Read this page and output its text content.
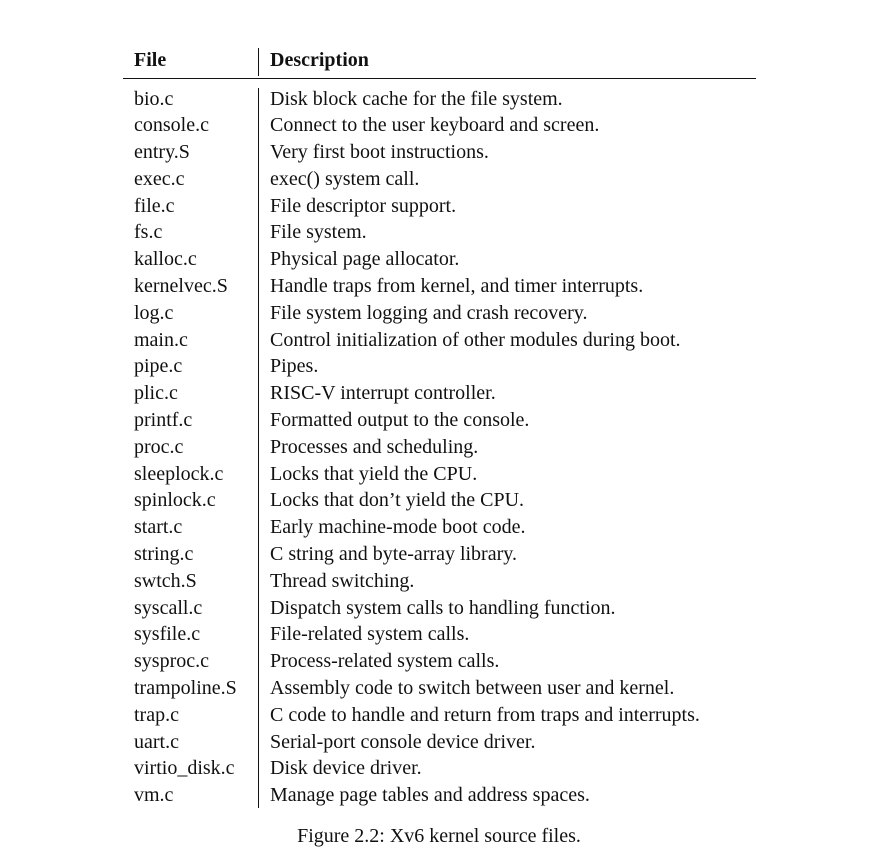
File	Description
bio.c	Disk block cache for the file system.
console.c	Connect to the user keyboard and screen.
entry.S	Very first boot instructions.
exec.c	exec() system call.
file.c	File descriptor support.
fs.c	File system.
kalloc.c	Physical page allocator.
kernelvec.S Handle traps from kernel, and timer interrupts.
log.c	File system logging and crash recovery.
main.c	Control initialization of other modules during boot.
pipe.c	Pipes.
plic.c	RISC-V interrupt controller.
printf.c	Formatted output to the console.
proc.c	Processes and scheduling.
sleeplock.c Locks that yield the CPU.
spinlock.c	Locks that don’t yield the CPU.
start.c	Early machine-mode boot code.
string.c	C string and byte-array library.
swtch.S	Thread switching.
syscall.c	Dispatch system calls to handling function.
sysfile.c	File-related system calls.
sysproc.c	Process-related system calls.
trampoline.S Assembly code to switch between user and kernel.
trap.c	C code to handle and return from traps and interrupts.
uart.c	Serial-port console device driver.
virtio_disk.c Disk device driver.
vm.c	Manage page tables and address spaces.
Figure 2.2: Xv6 kernel source files.
